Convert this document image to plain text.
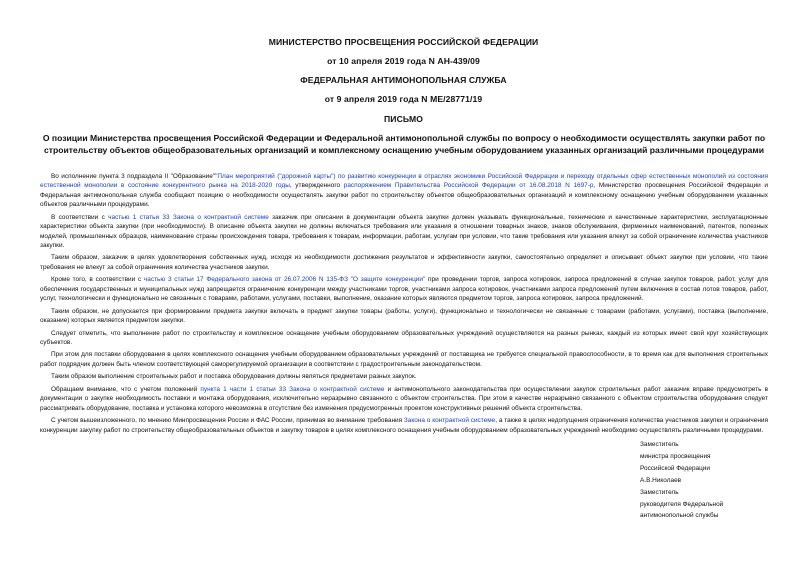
МИНИСТЕРСТВО ПРОСВЕЩЕНИЯ РОССИЙСКОЙ ФЕДЕРАЦИИ
от 10 апреля 2019 года N АН-439/09
ФЕДЕРАЛЬНАЯ АНТИМОНОПОЛЬНАЯ СЛУЖБА
от 9 апреля 2019 года N МЕ/28771/19
ПИСЬМО
О позиции Министерства просвещения Российской Федерации и Федеральной антимонопольной службы по вопросу о необходимости осуществлять закупки работ по строительству объектов общеобразовательных организаций и комплексному оснащению учебным оборудованием указанных организаций различными процедурами

Во исполнение пункта 3 подраздела II "Образование""План мероприятий ("дорожной карты") по развитию конкуренции в отраслях экономики Российской Федерации и переходу отдельных сфер естественных монополий из состояния естественной монополии в состояние конкурентного рынка на 2018-2020 годы, утвержденного распоряжением Правительства Российской Федерации от 16.08.2018 N 1697-р, Министерство просвещения Российской Федерации и Федеральная антимонопольная служба сообщают позицию о необходимости осуществлять закупки работ по строительству объектов общеобразовательных организаций и комплексному оснащению учебным оборудованием указанных объектов различными процедурами.

В соответствии с частью 1 статьи 33 Закона о контрактной системе заказчик при описании в документации объекта закупки должен указывать функциональные, технические и качественные характеристики, эксплуатационные характеристики объекта закупки (при необходимости). В описание объекта закупки не должны включаться требования или указания в отношении товарных знаков, знаков обслуживания, фирменных наименований, патентов, полезных моделей, промышленных образцов, наименование страны происхождения товара, требования к товарам, информации, работам, услугам при условии, что такие требования или указания влекут за собой ограничение количества участников закупки.

Таким образом, заказчик в целях удовлетворения собственных нужд, исходя из необходимости достижения результатов и эффективности закупки, самостоятельно определяет и описывает объект закупки при условии, что такие требования не влекут за собой ограничения количества участников закупки.

Кроме того, в соответствии с частью 3 статьи 17 Федерального закона от 26.07.2006 N 135-ФЗ "О защите конкуренции" при проведении торгов, запроса котировок, запроса предложений в случае закупок товаров, работ, услуг для обеспечения государственных и муниципальных нужд запрещается ограничение конкуренции между участниками торгов, участниками запроса котировок, участниками запроса предложений путем включения в состав лотов товаров, работ, услуг, технологически и функционально не связанных с товарами, работами, услугами, поставки, выполнение, оказание которых являются предметом торгов, запроса котировок, запроса предложений.

Таким образом, не допускается при формировании предмета закупки включать в предмет закупки товары (работы, услуги), функционально и технологически не связанные с товарами (работами, услугами), поставка (выполнение, оказание) которых является предметом закупки.

Следует отметить, что выполнение работ по строительству и комплексное оснащение учебным оборудованием образовательных учреждений осуществляется на разных рынках, каждый из которых имеет свой круг хозяйствующих субъектов.

При этом для поставки оборудования в целях комплексного оснащения учебным оборудованием образовательных учреждений от поставщика не требуется специальной правоспособности, в то время как для выполнения строительных работ подрядчик должен быть членом соответствующей саморегулируемой организации в соответствии с градостроительным законодательством.

Таким образом выполнение строительных работ и поставка оборудования должны являться предметами разных закупок.

Обращаем внимание, что с учетом положений пункта 1 части 1 статьи 33 Закона о контрактной системе и антимонопольного законодательства при осуществлении закупок строительных работ заказчик вправе предусмотреть в документации о закупке необходимость поставки и монтажа оборудования, исключительно неразрывно связанного с объектом строительства. При этом в качестве неразрывно связанного с объектом строительства оборудования следует рассматривать оборудование, поставка и установка которого невозможна в отсутствие без изменения предусмотренных проектом конструктивных решений объекта строительства.

С учетом вышеизложенного, по мнению Минпросвещения России и ФАС России, принимая во внимание требования Закона о контрактной системе, а также в целях недопущения ограничения количества участников закупки и ограничения конкуренции закупку работ по строительству общеобразовательных объектов и закупку товаров в целях комплексного оснащения учебным оборудованием образовательных учреждений необходимо осуществлять различными процедурами.

Заместитель
министра просвещения
Российской Федерации
А.В.Николаев
Заместитель
руководителя Федеральной
антимонопольной службы
